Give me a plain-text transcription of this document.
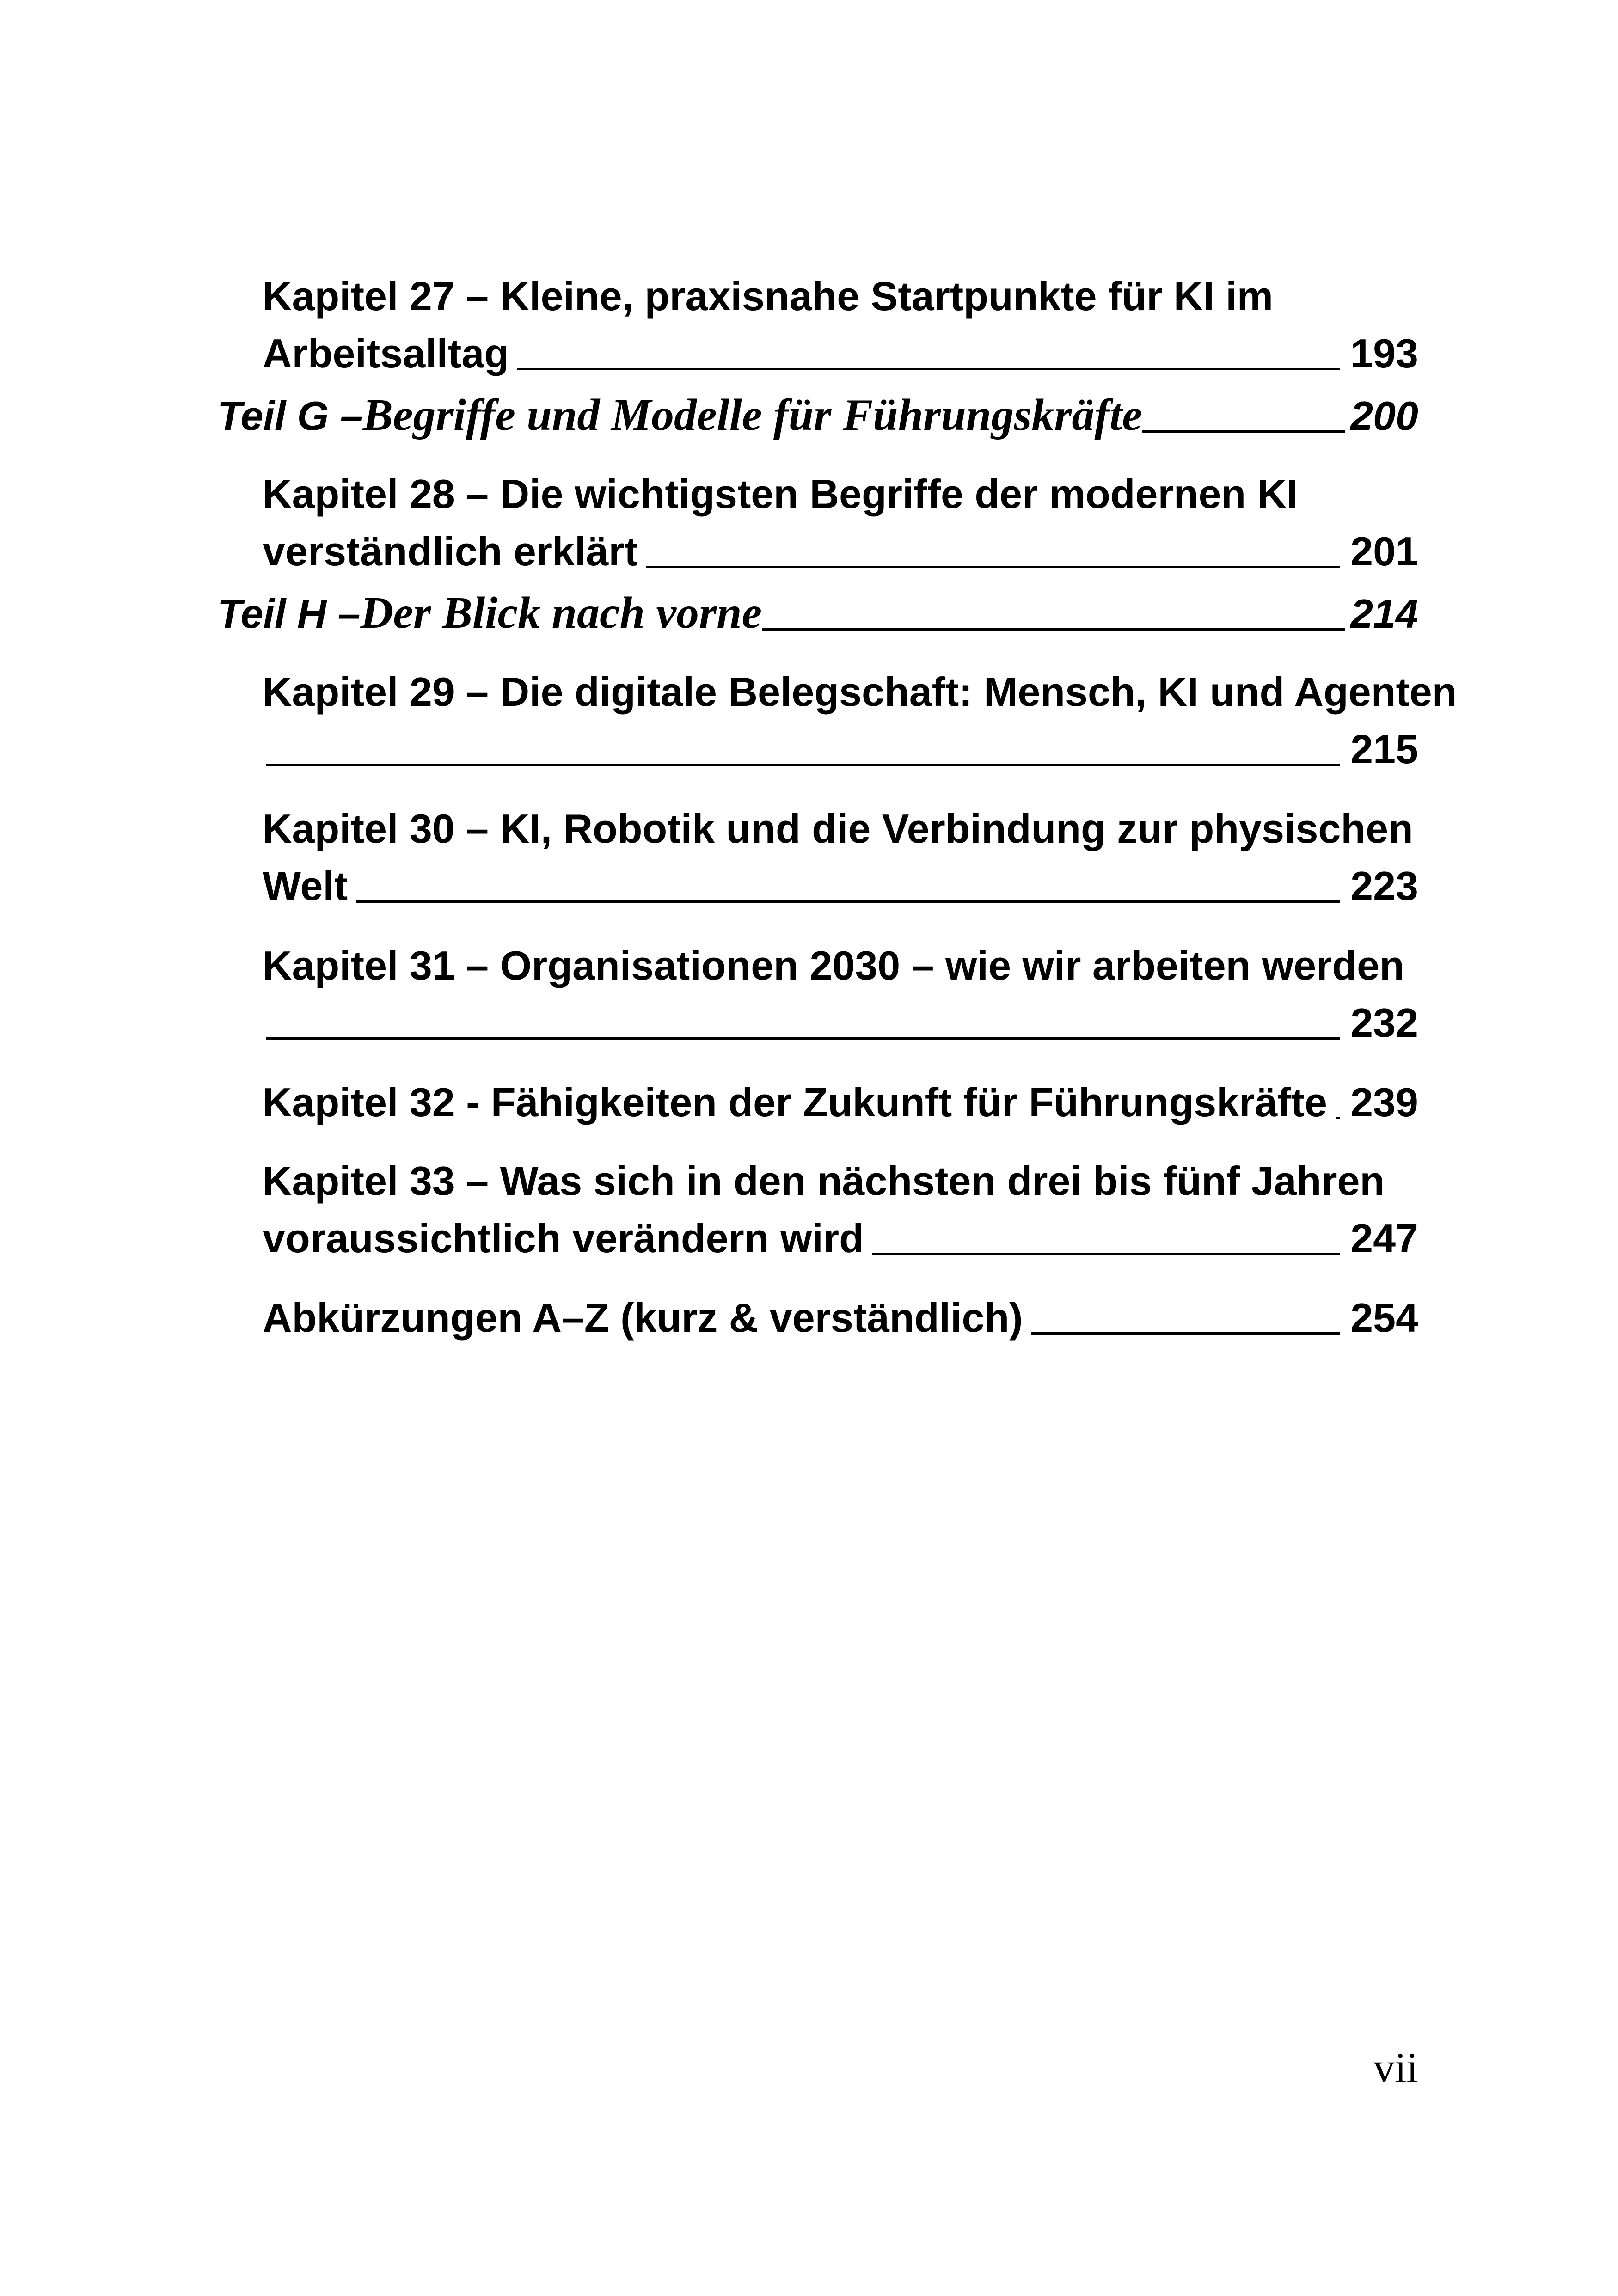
Kapitel 27 – Kleine, praxisnahe Startpunkte für KI im
Arbeitsalltag	193
Teil G – Begriffe und Modelle für Führungskräfte	200
Kapitel 28 – Die wichtigsten Begriffe der modernen KI
verständlich erklärt	201
Teil H – Der Blick nach vorne	214
Kapitel 29 – Die digitale Belegschaft: Mensch, KI und Agenten
215
Kapitel 30 – KI, Robotik und die Verbindung zur physischen
Welt	223
Kapitel 31 – Organisationen 2030 – wie wir arbeiten werden
232
Kapitel 32 - Fähigkeiten der Zukunft für Führungskräfte 239
Kapitel 33 – Was sich in den nächsten drei bis fünf Jahren
voraussichtlich verändern wird	247
Abkürzungen A–Z (kurz & verständlich)	254
vii
